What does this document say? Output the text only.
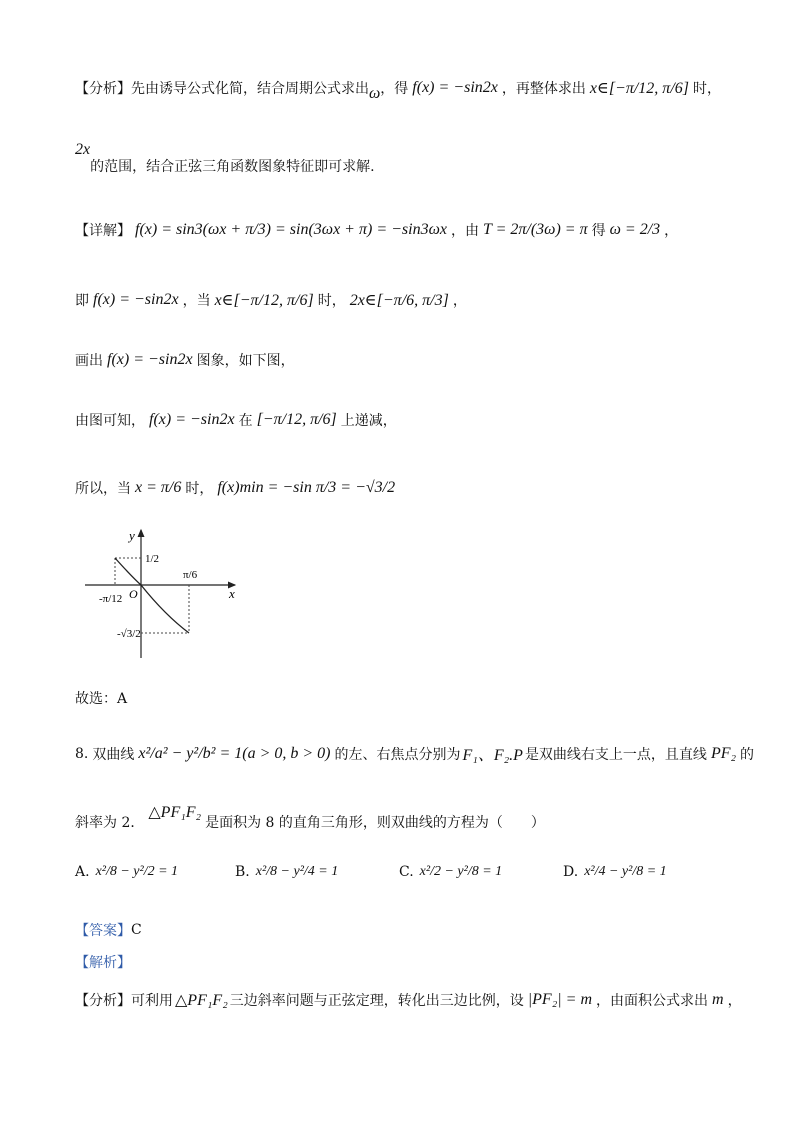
【分析】 先由诱导公式化简，结合周期公式求出 ω ，得 f(x) = −sin2x ，再整体求出 x∈[−π/12, π/6] 时，
2x
的范围，结合正弦三角函数图象特征即可求解.
【详解】 f(x) = sin3(ωx + π/3) = sin(3ωx + π) = −sin3ωx ，由 T = 2π/(3ω) = π 得 ω = 2/3 ，
即 f(x) = −sin2x ，当 x∈[−π/12, π/6] 时， 2x∈[−π/6, π/3] ，
画出 f(x) = −sin2x 图象，如下图，
由图可知， f(x) = −sin2x 在 [−π/12, π/6] 上递减，
所以，当 x = π/6 时， f(x)min = −sin π/3 = −√3/2
y
x
O
1/2
π/6
-π/12
-√3/2
故选：A
8. 双曲线 x²/a² − y²/b² = 1(a > 0, b > 0) 的左、右焦点分别为 F₁、F₂.P 是双曲线右支上一点，且直线 PF₂ 的
斜率为 2．
△PF₁F₂
是面积为 8 的直角三角形，则双曲线的方程为（　　）
A. x²/8 − y²/2 = 1	B. x²/8 − y²/4 = 1	C. x²/2 − y²/8 = 1	D. x²/4 − y²/8 = 1
【答案】 C
【解析】
【分析】 可利用 △PF₁F₂ 三边斜率问题与正弦定理，转化出三边比例，设 |PF₂| = m ，由面积公式求出 m ，
